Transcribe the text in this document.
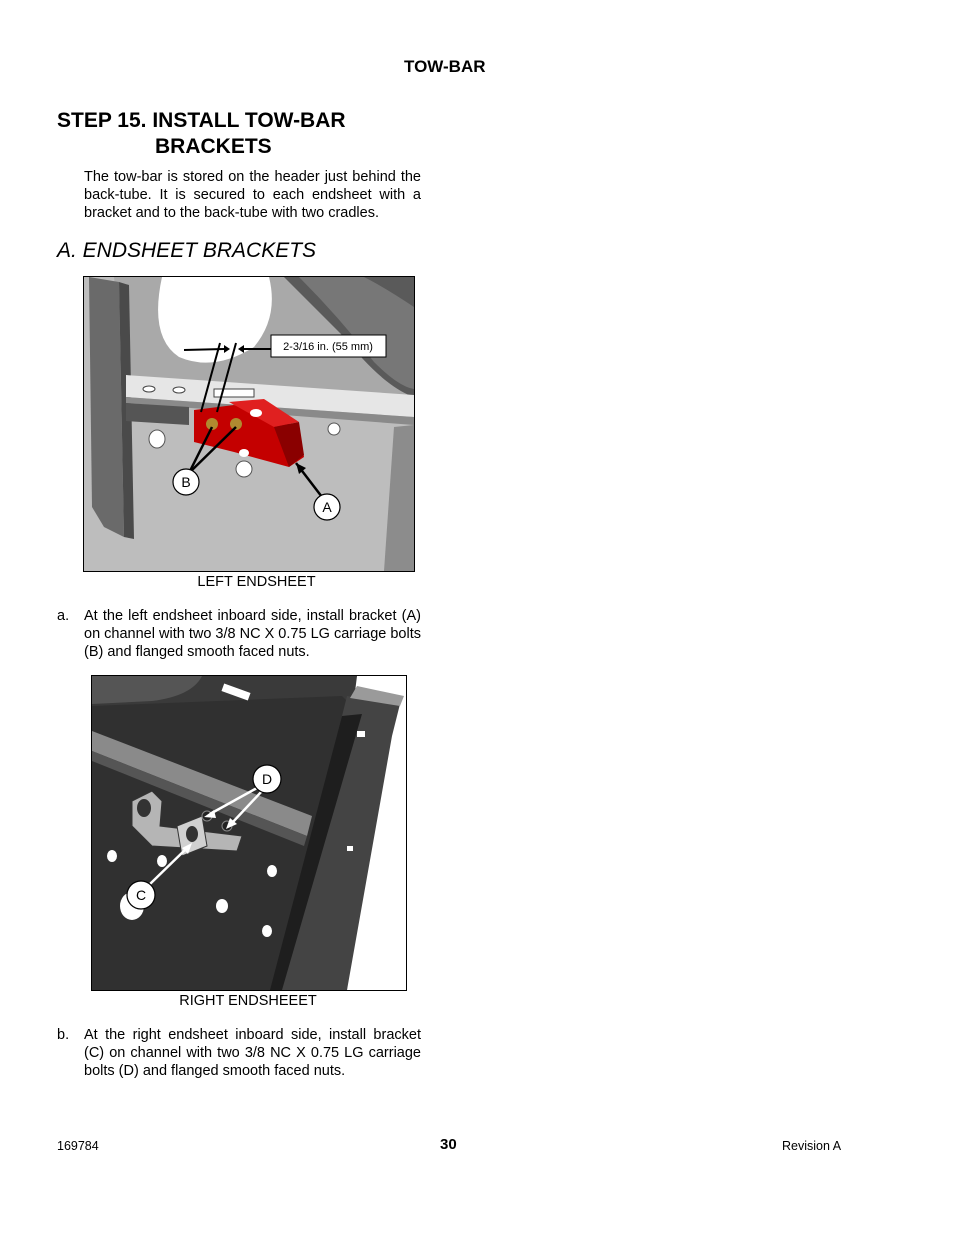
TOW-BAR
STEP 15. INSTALL TOW-BAR
BRACKETS
The tow-bar is stored on the header just behind the back-tube. It is secured to each endsheet with a bracket and to the back-tube with two cradles.
A. ENDSHEET BRACKETS
2-3/16 in. (55 mm)
B
A
LEFT ENDSHEET
a. At the left endsheet inboard side, install bracket (A) on channel with two 3/8 NC X 0.75 LG carriage bolts (B) and flanged smooth faced nuts.
D
C
RIGHT ENDSHEEET
b. At the right endsheet inboard side, install bracket (C) on channel with two 3/8 NC X 0.75 LG carriage bolts (D) and flanged smooth faced nuts.
169784	30	Revision A
